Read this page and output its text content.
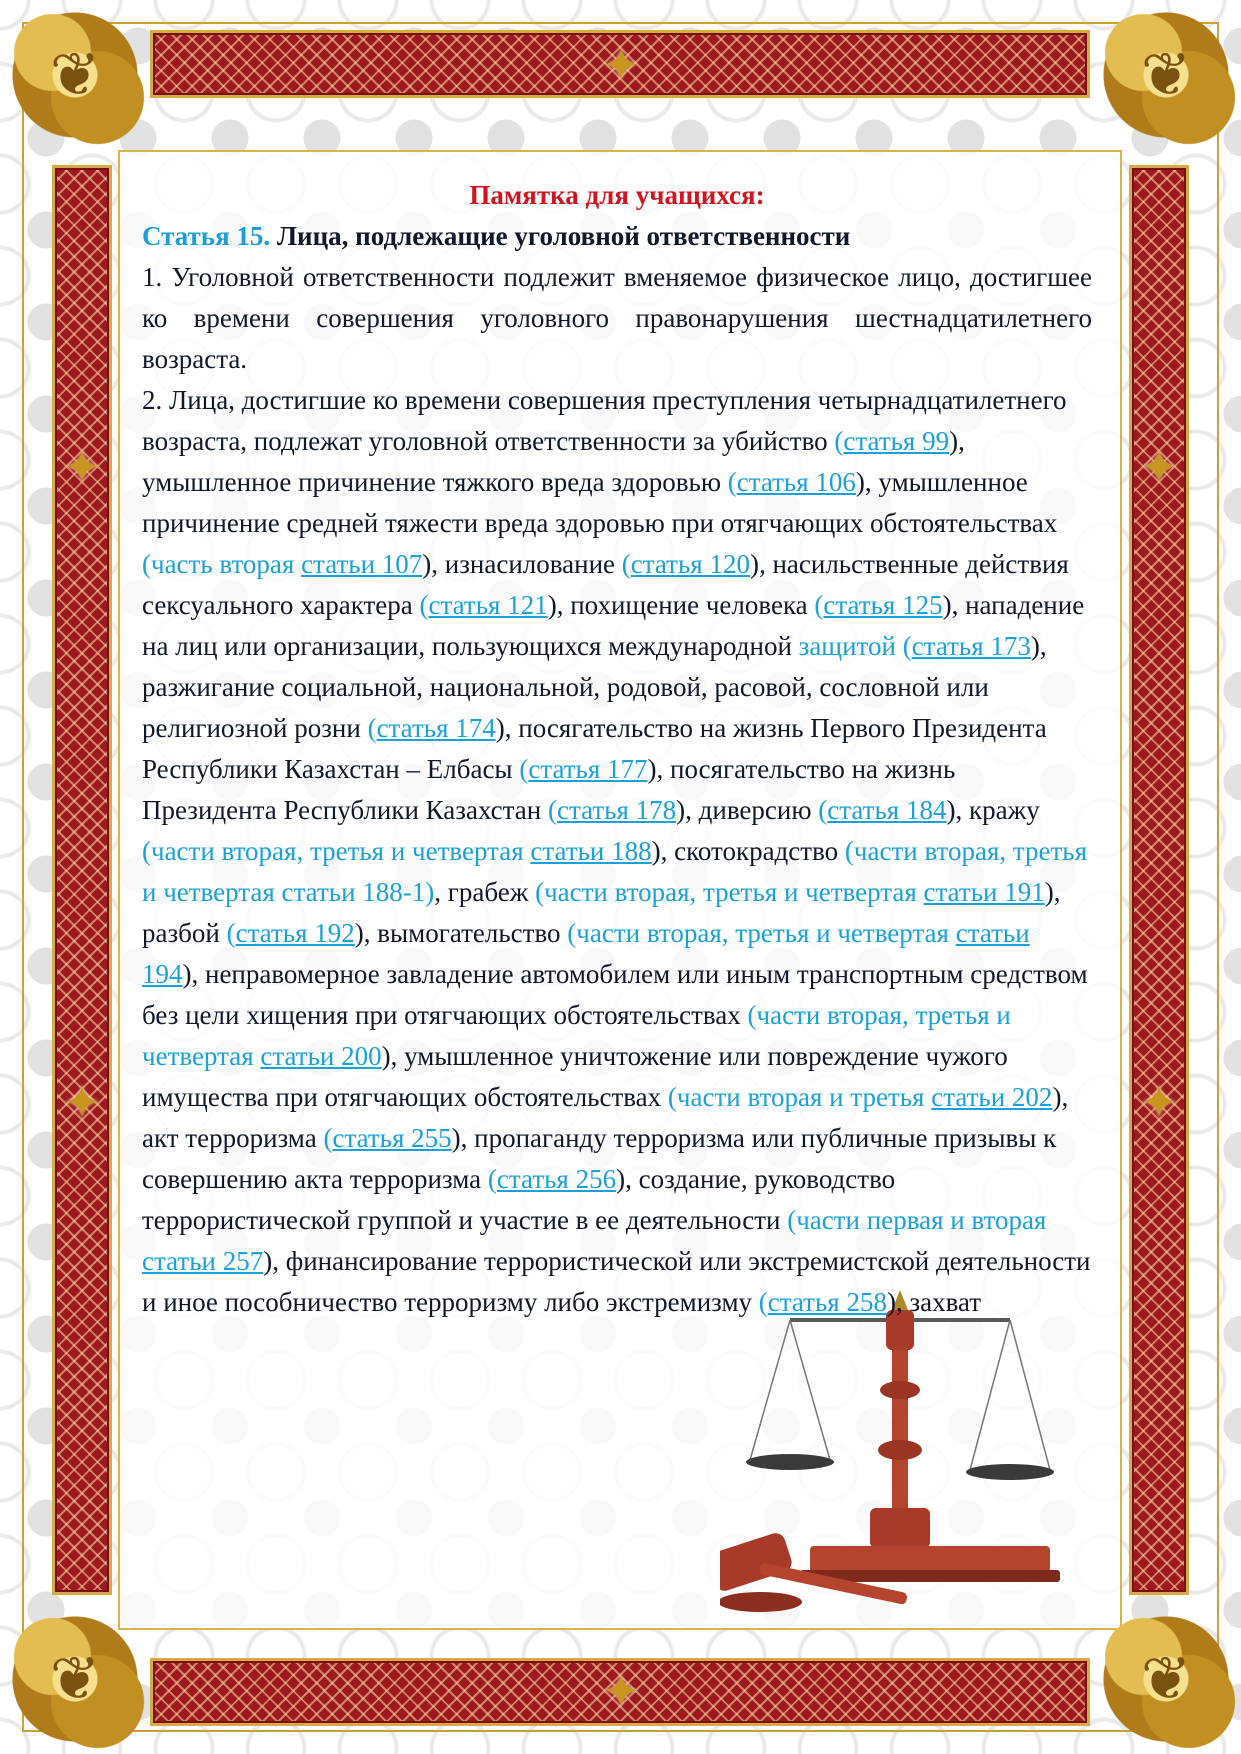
❦	❦
❦	❦
✦
✦
✦
✦
✦
✦

Памятка для учащихся:

Статья 15. Лица, подлежащие уголовной ответственности

1. Уголовной ответственности подлежит вменяемое физическое лицо, достигшее ко времени совершения уголовного правонарушения шестнадцатилетнего возраста.

2. Лица, достигшие ко времени совершения преступления четырнадцатилетнего возраста, подлежат уголовной ответственности за убийство (статья 99), умышленное причинение тяжкого вреда здоровью (статья 106), умышленное причинение средней тяжести вреда здоровью при отягчающих обстоятельствах (часть вторая статьи 107), изнасилование (статья 120), насильственные действия сексуального характера (статья 121), похищение человека (статья 125), нападение на лиц или организации, пользующихся международной защитой (статья 173), разжигание социальной, национальной, родовой, расовой, сословной или религиозной розни (статья 174), посягательство на жизнь Первого Президента Республики Казахстан – Елбасы (статья 177), посягательство на жизнь Президента Республики Казахстан (статья 178), диверсию (статья 184), кражу (части вторая, третья и четвертая статьи 188), скотокрадство (части вторая, третья и четвертая статьи 188-1), грабеж (части вторая, третья и четвертая статьи 191), разбой (статья 192), вымогательство (части вторая, третья и четвертая статьи 194), неправомерное завладение автомобилем или иным транспортным средством без цели хищения при отягчающих обстоятельствах (части вторая, третья и четвертая статьи 200), умышленное уничтожение или повреждение чужого имущества при отягчающих обстоятельствах (части вторая и третья статьи 202), акт терроризма (статья 255), пропаганду терроризма или публичные призывы к совершению акта терроризма (статья 256), создание, руководство террористической группой и участие в ее деятельности (части первая и вторая статьи 257), финансирование террористической или экстремистской деятельности и иное пособничество терроризму либо экстремизму (статья 258), захват
